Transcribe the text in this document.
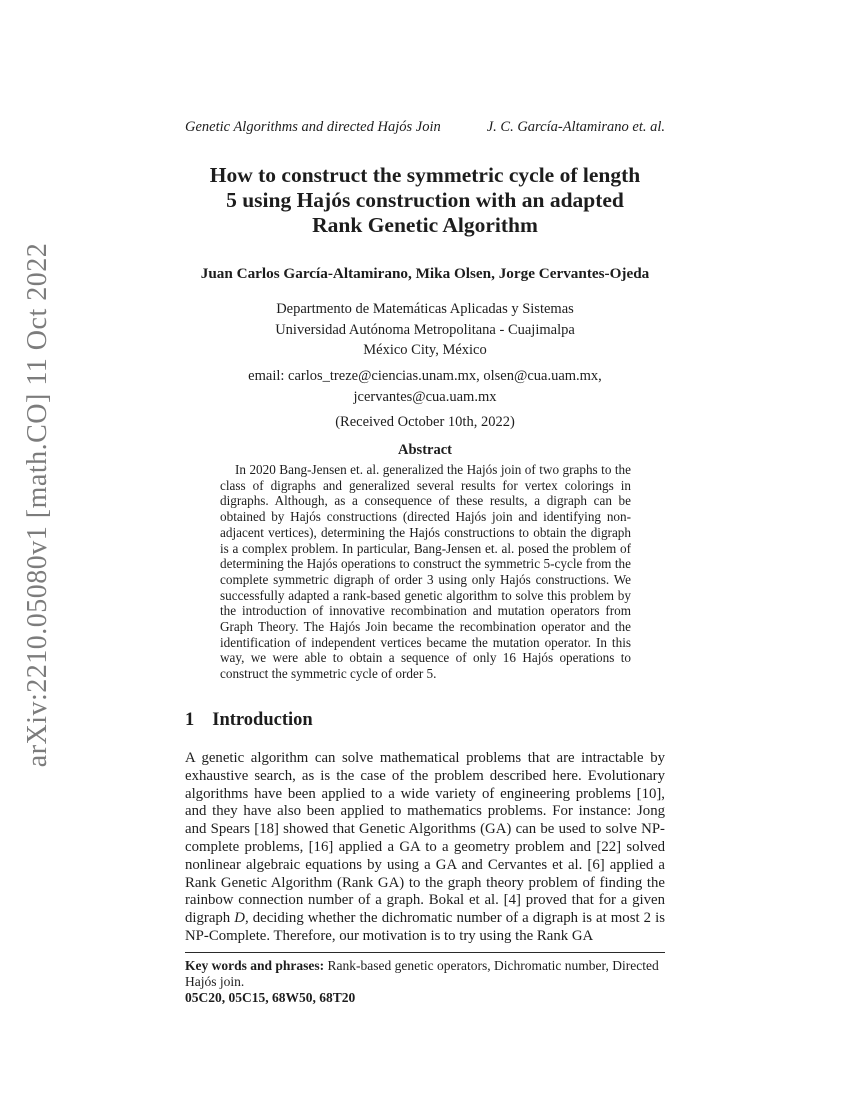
arXiv:2210.05080v1 [math.CO] 11 Oct 2022
Genetic Algorithms and directed Hajós Join	J. C. García-Altamirano et. al.
How to construct the symmetric cycle of length
5 using Hajós construction with an adapted
Rank Genetic Algorithm
Juan Carlos García-Altamirano, Mika Olsen, Jorge Cervantes-Ojeda
Departmento de Matemáticas Aplicadas y Sistemas
Universidad Autónoma Metropolitana - Cuajimalpa
México City, México
email: carlos_treze@ciencias.unam.mx, olsen@cua.uam.mx,
jcervantes@cua.uam.mx
(Received October 10th, 2022)
Abstract
In 2020 Bang-Jensen et. al. generalized the Hajós join of two graphs to the class of digraphs and generalized several results for vertex colorings in digraphs. Although, as a consequence of these results, a digraph can be obtained by Hajós constructions (directed Hajós join and identifying non-adjacent vertices), determining the Hajós constructions to obtain the digraph is a complex problem. In particular, Bang-Jensen et. al. posed the problem of determining the Hajós operations to construct the symmetric 5-cycle from the complete symmetric digraph of order 3 using only Hajós constructions. We successfully adapted a rank-based genetic algorithm to solve this problem by the introduction of innovative recombination and mutation operators from Graph Theory. The Hajós Join became the recombination operator and the identification of independent vertices became the mutation operator. In this way, we were able to obtain a sequence of only 16 Hajós operations to construct the symmetric cycle of order 5.
1 Introduction
A genetic algorithm can solve mathematical problems that are intractable by exhaustive search, as is the case of the problem described here. Evolutionary algorithms have been applied to a wide variety of engineering problems [10], and they have also been applied to mathematics problems. For instance: Jong and Spears [18] showed that Genetic Algorithms (GA) can be used to solve NP-complete problems, [16] applied a GA to a geometry problem and [22] solved nonlinear algebraic equations by using a GA and Cervantes et al. [6] applied a Rank Genetic Algorithm (Rank GA) to the graph theory problem of finding the rainbow connection number of a graph. Bokal et al. [4] proved that for a given digraph D, deciding whether the dichromatic number of a digraph is at most 2 is NP-Complete. Therefore, our motivation is to try using the Rank GA
Key words and phrases: Rank-based genetic operators, Dichromatic number, Directed Hajós join.
05C20, 05C15, 68W50, 68T20
